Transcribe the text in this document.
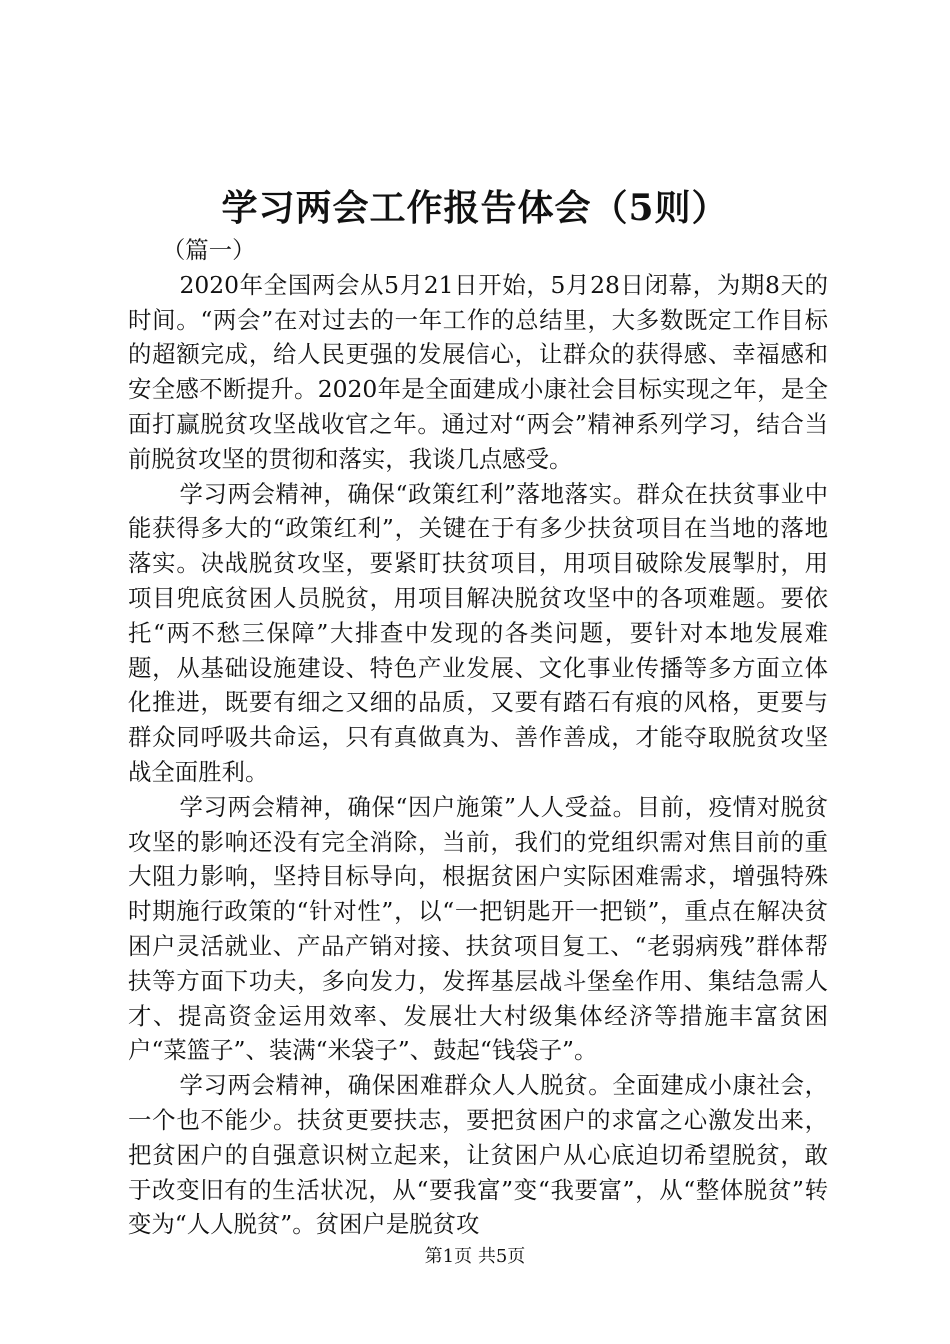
学习两会工作报告体会（5则）

（篇一）

2020年全国两会从5月21日开始，5月28日闭幕，为期8天的时间。“两会”在对过去的一年工作的总结里，大多数既定工作目标的超额完成，给人民更强的发展信心，让群众的获得感、幸福感和安全感不断提升。2020年是全面建成小康社会目标实现之年，是全面打赢脱贫攻坚战收官之年。通过对“两会”精神系列学习，结合当前脱贫攻坚的贯彻和落实，我谈几点感受。

学习两会精神，确保“政策红利”落地落实。群众在扶贫事业中能获得多大的“政策红利”，关键在于有多少扶贫项目在当地的落地落实。决战脱贫攻坚，要紧盯扶贫项目，用项目破除发展掣肘，用项目兜底贫困人员脱贫，用项目解决脱贫攻坚中的各项难题。要依托“两不愁三保障”大排查中发现的各类问题，要针对本地发展难题，从基础设施建设、特色产业发展、文化事业传播等多方面立体化推进，既要有细之又细的品质，又要有踏石有痕的风格，更要与群众同呼吸共命运，只有真做真为、善作善成，才能夺取脱贫攻坚战全面胜利。

学习两会精神，确保“因户施策”人人受益。目前，疫情对脱贫攻坚的影响还没有完全消除，当前，我们的党组织需对焦目前的重大阻力影响，坚持目标导向，根据贫困户实际困难需求，增强特殊时期施行政策的“针对性”，以“一把钥匙开一把锁”，重点在解决贫困户灵活就业、产品产销对接、扶贫项目复工、“老弱病残”群体帮扶等方面下功夫，多向发力，发挥基层战斗堡垒作用、集结急需人才、提高资金运用效率、发展壮大村级集体经济等措施丰富贫困户“菜篮子”、装满“米袋子”、鼓起“钱袋子”。

学习两会精神，确保困难群众人人脱贫。全面建成小康社会，一个也不能少。扶贫更要扶志，要把贫困户的求富之心激发出来，把贫困户的自强意识树立起来，让贫困户从心底迫切希望脱贫，敢于改变旧有的生活状况，从“要我富”变“我要富”，从“整体脱贫”转变为“人人脱贫”。贫困户是脱贫攻

第1页 共5页
